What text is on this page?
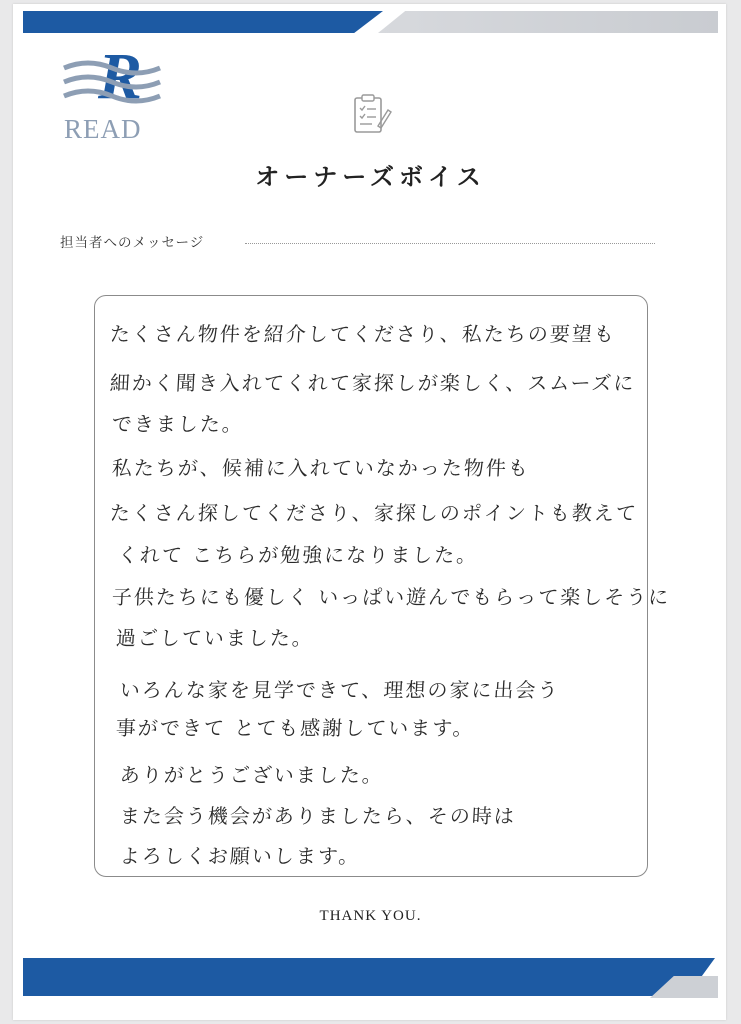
R
READ
オーナーズボイス
担当者へのメッセージ
たくさん物件を紹介してくださり、私たちの要望も
細かく聞き入れてくれて家探しが楽しく、スムーズに
できました。
私たちが、候補に入れていなかった物件も
たくさん探してくださり、家探しのポイントも教えて
くれて こちらが勉強になりました。
子供たちにも優しく いっぱい遊んでもらって楽しそうに
過ごしていました。
いろんな家を見学できて、理想の家に出会う
事ができて とても感謝しています。
ありがとうございました。
また会う機会がありましたら、その時は
よろしくお願いします。
THANK YOU.
